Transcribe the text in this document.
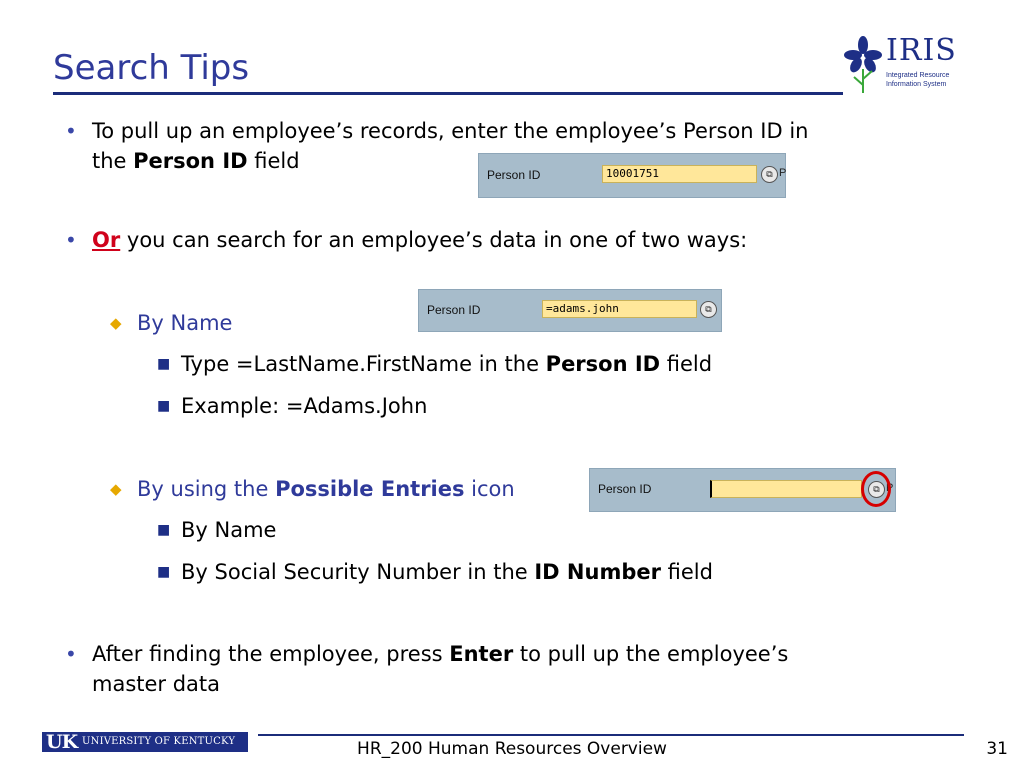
Search Tips	IRIS
Integrated Resource
Information System
• To pull up an employee’s records, enter the employee’s Person ID in
the Person ID field
Person ID	10001751	⧉ P
• Or you can search for an employee’s data in one of two ways:
Person ID	=adams.john	⧉
◆ By Name
■ Type =LastName.FirstName in the Person ID field
■ Example: =Adams.John
◆ By using the Possible Entries icon	Person ID	⧉ P
■ By Name
■ By Social Security Number in the ID Number field
• After finding the employee, press Enter to pull up the employee’s
master data
UK UNIVERSITY OF KENTUCKY	HR_200 Human Resources Overview	31
